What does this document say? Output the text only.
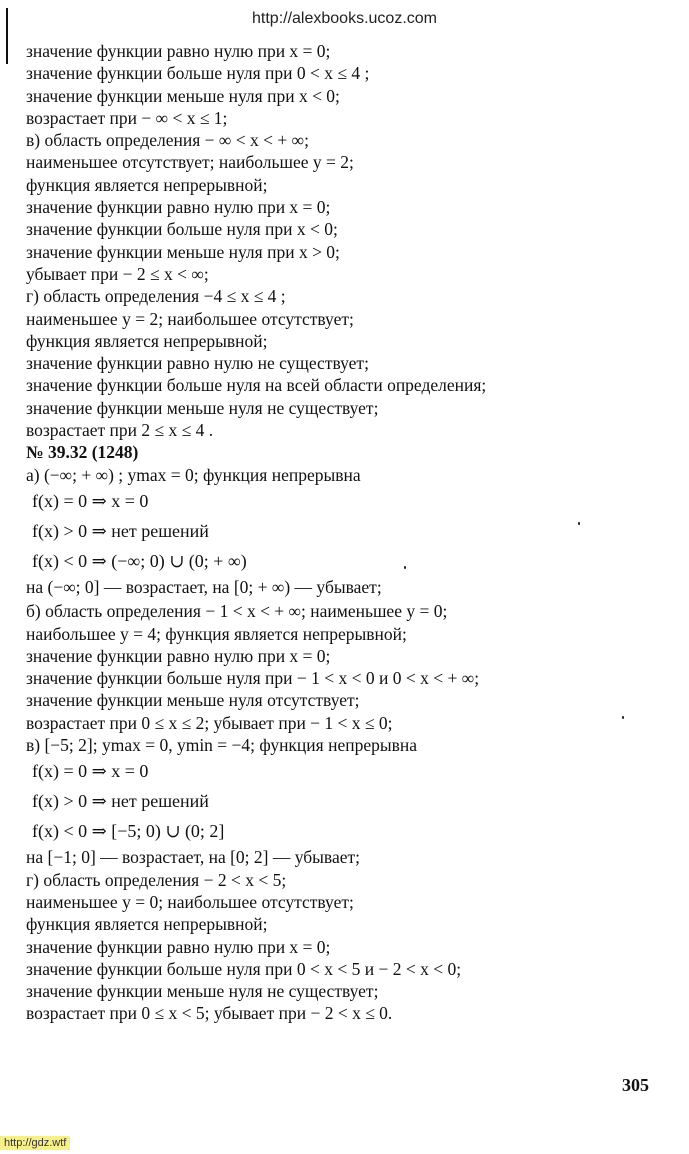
http://alexbooks.ucoz.com
значение функции равно нулю при x = 0;
значение функции больше нуля при 0 < x ≤ 4 ;
значение функции меньше нуля при x < 0;
возрастает при − ∞ < x ≤ 1;
в) область определения − ∞ < x < + ∞;
наименьшее отсутствует; наибольшее y = 2;
функция является непрерывной;
значение функции равно нулю при x = 0;
значение функции больше нуля при x < 0;
значение функции меньше нуля при x > 0;
убывает при − 2 ≤ x < ∞;
г) область определения −4 ≤ x ≤ 4 ;
наименьшее y = 2; наибольшее отсутствует;
функция является непрерывной;
значение функции равно нулю не существует;
значение функции больше нуля на всей области определения;
значение функции меньше нуля не существует;
возрастает при 2 ≤ x ≤ 4 .
№ 39.32 (1248)
а) (−∞; + ∞) ; ymax = 0; функция непрерывна
f(x) = 0 ⇒ x = 0
f(x) > 0 ⇒ нет решений
f(x) < 0 ⇒ (−∞; 0) ∪ (0; + ∞)
на (−∞; 0] — возрастает, на [0; + ∞) — убывает;
б) область определения − 1 < x < + ∞; наименьшее y = 0;
наибольшее y = 4; функция является непрерывной;
значение функции равно нулю при x = 0;
значение функции больше нуля при − 1 < x < 0 и 0 < x < + ∞;
значение функции меньше нуля отсутствует;
возрастает при 0 ≤ x ≤ 2; убывает при − 1 < x ≤ 0;
в) [−5; 2]; ymax = 0, ymin = −4; функция непрерывна
f(x) = 0 ⇒ x = 0
f(x) > 0 ⇒ нет решений
f(x) < 0 ⇒ [−5; 0) ∪ (0; 2]
на [−1; 0] — возрастает, на [0; 2] — убывает;
г) область определения − 2 < x < 5;
наименьшее y = 0; наибольшее отсутствует;
функция является непрерывной;
значение функции равно нулю при x = 0;
значение функции больше нуля при 0 < x < 5 и − 2 < x < 0;
значение функции меньше нуля не существует;
возрастает при 0 ≤ x < 5; убывает при − 2 < x ≤ 0.
305
http://gdz.wtf
